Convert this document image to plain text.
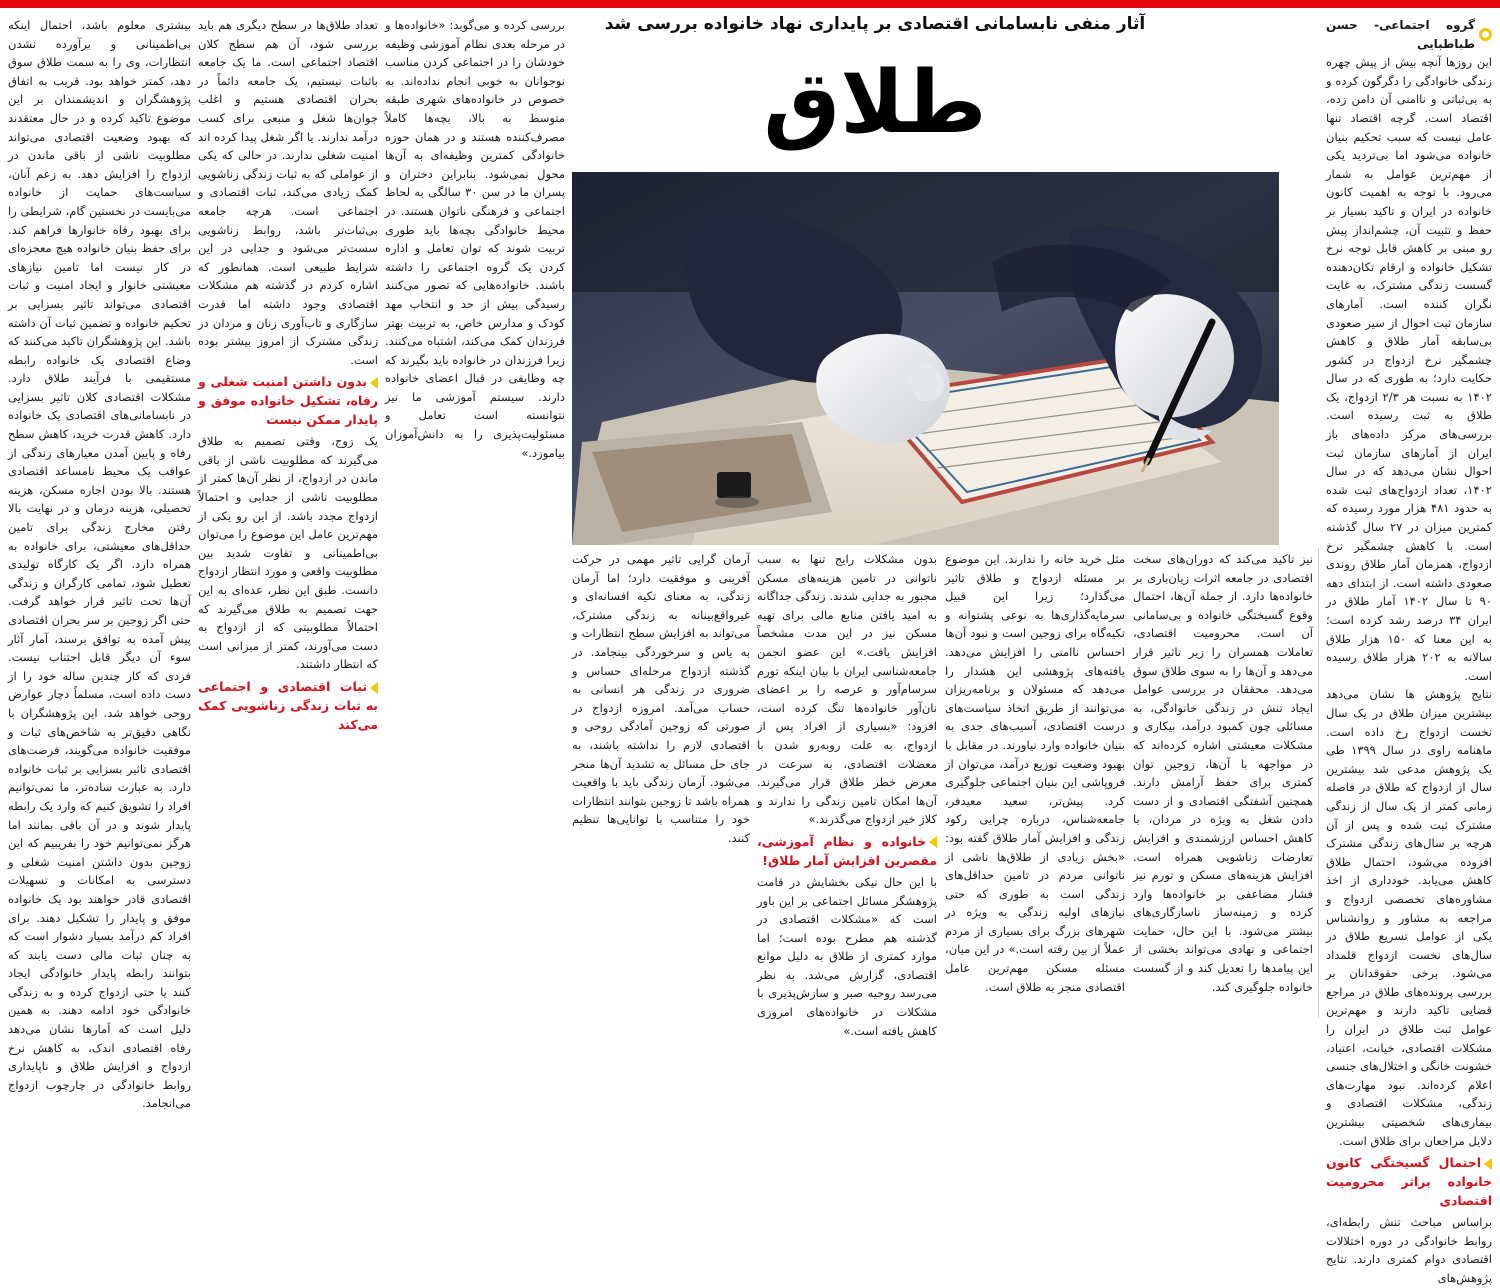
آثار منفی نابسامانی اقتصادی بر پایداری نهاد خانواده بررسی شد
طلاق
گروه اجتماعی- حسن طباطبایی

این روزها آنچه بیش از پیش چهره زندگی خانوادگی را دگرگون کرده و به بی‌ثباتی و ناامنی آن دامن زده، اقتصاد است. گرچه اقتصاد تنها عامل نیست که سبب تحکیم بنیان خانواده می‌شود اما بی‌تردید یکی از مهم‌ترین عوامل به شمار می‌رود. با توجه به اهمیت کانون خانواده در ایران و تاکید بسیار بر حفظ و تثبیت آن، چشم‌انداز پیش رو مبنی بر کاهش قابل توجه نرخ تشکیل خانواده و ارقام تکان‌دهنده گسست زندگی مشترک، به غایت نگران کننده است. آمارهای سازمان ثبت احوال از سیر صعودی بی‌سابقه آمار طلاق و کاهش چشمگیر نرخ ازدواج در کشور حکایت دارد؛ به طوری که در سال ۱۴۰۲ به نسبت هر ۲/۳ ازدواج، یک طلاق به ثبت رسیده است. بررسی‌های مرکز داده‌های باز ایران از آمارهای سازمان ثبت احوال نشان می‌دهد که در سال ۱۴۰۲، تعداد ازدواج‌های ثبت شده به حدود ۴۸۱ هزار مورد رسیده که کمترین میزان در ۲۷ سال گذشته است. با کاهش چشمگیر نرخ ازدواج، همزمان آمار طلاق روندی صعودی داشته است. از ابتدای دهه ۹۰ تا سال ۱۴۰۲ آمار طلاق در ایران ۳۴ درصد رشد کرده است؛ به این معنا که ۱۵۰ هزار طلاق سالانه به ۲۰۲ هزار طلاق رسیده است.

نتایج پژوهش ها نشان می‌دهد بیشترین میزان طلاق در یک سال نخست ازدواج رخ داده است. ماهنامه راوی در سال ۱۳۹۹ طی یک پژوهش مدعی شد بیشترین سال از ازدواج که طلاق در فاصله زمانی کمتر از یک سال از زندگی مشترک ثبت شده و پس از آن هرچه بر سال‌های زندگی مشترک افزوده می‌شود، احتمال طلاق کاهش می‌یابد. خودداری از اخذ مشاوره‌های تخصصی ازدواج و مراجعه به مشاور و روانشناس یکی از عوامل تسریع طلاق در سال‌های نخست ازدواج قلمداد می‌شود. برخی حقوقدانان بر بررسی پرونده‌های طلاق در مراجع قضایی تاکید دارند و مهم‌ترین عوامل ثبت طلاق در ایران را مشکلات اقتصادی، خیانت، اعتیاد، خشونت خانگی و اختلال‌های جنسی اعلام کرده‌اند. نبود مهارت‌های زندگی، مشکلات اقتصادی و بیماری‌های شخصیتی بیشترین دلایل مراجعان برای طلاق است.

احتمال گسیختگی کانون خانواده براثر محرومیت اقتصادی

براساس مباحث تنش رابطه‌ای، روابط خانوادگی در دوره اختلالات اقتصادی دوام کمتری دارند. نتایج پژوهش‌های

نیز تاکید می‌کند که دوران‌های سخت اقتصادی در جامعه اثرات زیان‌باری بر خانواده‌ها دارد. از جمله آن‌ها، احتمال وقوع گسیختگی خانواده و بی‌سامانی آن است. محرومیت اقتصادی، تعاملات همسران را زیر تاثیر قرار می‌دهد و آن‌ها را به سوی طلاق سوق می‌دهد. محققان در بررسی عوامل ایجاد تنش در زندگی خانوادگی، به مسائلی چون کمبود درآمد، بیکاری و مشکلات معیشتی اشاره کرده‌اند که در مواجهه با آن‌ها، زوجین توان کمتری برای حفظ آرامش دارند. همچنین آشفتگی اقتصادی و از دست دادن شغل به ویژه در مردان، با کاهش احساس ارزشمندی و افزایش تعارضات زناشویی همراه است. افزایش هزینه‌های مسکن و تورم نیز فشار مضاعفی بر خانواده‌ها وارد کرده و زمینه‌ساز ناسازگاری‌های بیشتر می‌شود. با این حال، حمایت اجتماعی و نهادی می‌تواند بخشی از این پیامدها را تعدیل کند و از گسست خانواده جلوگیری کند.

مثل خرید خانه را ندارند. این موضوع بر مسئله ازدواج و طلاق تاثیر می‌گذارد؛ زیرا این قبیل سرمایه‌گذاری‌ها به نوعی پشتوانه و تکیه‌گاه برای زوجین است و نبود آن‌ها احساس ناامنی را افزایش می‌دهد. یافته‌های پژوهشی این هشدار را می‌دهد که مسئولان و برنامه‌ریزان می‌توانند از طریق اتخاذ سیاست‌های درست اقتصادی، آسیب‌های جدی به بنیان خانواده وارد نیاورند. در مقابل با بهبود وضعیت توزیع درآمد، می‌توان از فروپاشی این بنیان اجتماعی جلوگیری کرد. پیش‌تر، سعید معیدفر، جامعه‌شناس، درباره چرایی رکود زندگی و افزایش آمار طلاق گفته بود: «بخش زیادی از طلاق‌ها ناشی از ناتوانی مردم در تامین حداقل‌های زندگی است به طوری که حتی نیازهای اولیه زندگی به ویژه در شهرهای بزرگ برای بسیاری از مردم عملاً از بین رفته است.» در این میان، مسئله مسکن مهم‌ترین عامل اقتصادی منجر به طلاق است.

بدون مشکلات رایج تنها به سبب ناتوانی در تامین هزینه‌های مسکن مجبور به جدایی شدند. زندگی جداگانه به امید یافتن منابع مالی برای تهیه مسکن نیز در این مدت مشخصاً افزایش یافت.» این عضو انجمن جامعه‌شناسی ایران با بیان اینکه تورم سرسام‌آور و عرصه را بر اعضای نان‌آور خانواده‌ها تنگ کرده است، افزود: «بسیاری از افراد پس از ازدواج، به علت روبه‌رو شدن با معضلات اقتصادی، به سرعت در معرض خطر طلاق قرار می‌گیرند. آن‌ها امکان تامین زندگی را ندارند و کلاژ خیر ازدواج می‌گذرند.»

خانواده و نظام آموزشی، مقصرین افزایش آمار طلاق!

با این حال نیکی بخشایش در قامت پژوهشگر مسائل اجتماعی بر این باور است که «مشکلات اقتصادی در گذشته هم مطرح بوده است؛ اما موارد کمتری از طلاق به دلیل موانع اقتصادی، گزارش می‌شد. به نظر می‌رسد روحیه صبر و سازش‌پذیری با مشکلات در خانواده‌های امروزی کاهش یافته است.»

آرمان گرایی تاثیر مهمی در حرکت آفرینی و موفقیت دارد؛ اما آرمان زندگی، به معنای تکیه افسانه‌ای و غیرواقع‌بینانه به زندگی مشترک، می‌تواند به افزایش سطح انتظارات و به یاس و سرخوردگی بینجامد. در گذشته ازدواج مرحله‌ای حساس و ضروری در زندگی هر انسانی به حساب می‌آمد. امروزه ازدواج در صورتی که زوجین آمادگی روحی و اقتصادی لازم را نداشته باشند، به جای حل مسائل به تشدید آن‌ها منجر می‌شود. آرمان زندگی باید با واقعیت همراه باشد تا زوجین بتوانند انتظارات خود را متناسب با توانایی‌ها تنظیم کنند.

بررسی کرده و می‌گوید: «خانواده‌ها و در مرحله بعدی نظام آموزشی وظیفه خودشان را در اجتماعی کردن مناسب نوجوانان به خوبی انجام نداده‌اند. به خصوص در خانواده‌های شهری طبقه متوسط به بالا، بچه‌ها کاملاً مصرف‌کننده هستند و در همان حوزه خانوادگی کمترین وظیفه‌ای به آن‌ها محول نمی‌شود. بنابراین دختران و پسران ما در سن ۳۰ سالگی به لحاظ اجتماعی و فرهنگی ناتوان هستند. در محیط خانوادگی بچه‌ها باید طوری تربیت شوند که توان تعامل و اداره کردن یک گروه اجتماعی را داشته باشند. خانواده‌هایی که تصور می‌کنند رسیدگی بیش از حد و انتخاب مهد کودک و مدارس خاص، به تربیت بهتر فرزندان کمک می‌کند، اشتباه می‌کنند. زیرا فرزندان در خانواده باید بگیرند که چه وظایفی در قبال اعضای خانواده دارند. سیستم آموزشی ما نیز نتوانسته است تعامل و مسئولیت‌پذیری را به دانش‌آموزان بیاموزد.»

تعداد طلاق‌ها در سطح دیگری هم باید بررسی شود، آن هم سطح کلان اقتصاد اجتماعی است. ما یک جامعه باثبات نیستیم، یک جامعه دائماً در بحران اقتصادی هستیم و اغلب جوان‌ها شغل و منبعی برای کسب درآمد ندارند. یا اگر شغل پیدا کرده اند امنیت شغلی ندارند. در حالی که یکی از عواملی که به ثبات زندگی زناشویی کمک زیادی می‌کند، ثبات اقتصادی و اجتماعی است. هرچه جامعه بی‌ثبات‌تر باشد، روابط زناشویی سست‌تر می‌شود و جدایی در این شرایط طبیعی است. همانطور که اشاره کردم در گذشته هم مشکلات اقتصادی وجود داشته اما قدرت سازگاری و تاب‌آوری زنان و مردان در زندگی مشترک از امروز بیشتر بوده است.

بدون داشتن امنیت شغلی و رفاه، تشکیل خانواده موفق و پایدار ممکن نیست

یک زوج، وقتی تصمیم به طلاق می‌گیرند که مطلوبیت ناشی از باقی ماندن در ازدواج، از نظر آن‌ها کمتر از مطلوبیت ناشی از جدایی و احتمالاً ازدواج مجدد باشد. از این رو یکی از مهم‌ترین عامل این موضوع را می‌توان بی‌اطمینانی و تفاوت شدید بین مطلوبیت واقعی و مورد انتظار ازدواج دانست. طبق این نظر، عده‌ای به این جهت تصمیم به طلاق می‌گیرند که احتمالاً مطلوبیتی که از ازدواج به دست می‌آورند، کمتر از میزانی است که انتظار داشتند.

ثبات اقتصادی و اجتماعی به ثبات زندگی زناشویی کمک می‌کند

بیشتری معلوم باشد، احتمال اینکه بی‌اطمینانی و برآورده نشدن انتظارات، وی را به سمت طلاق سوق دهد، کمتر خواهد بود. قریب به اتفاق پژوهشگران و اندیشمندان بر این موضوع تاکید کرده و در حال معتقدند که بهبود وضعیت اقتصادی می‌تواند مطلوبیت ناشی از باقی ماندن در ازدواج را افزایش دهد. به زعم آنان، سیاست‌های حمایت از خانواده می‌بایست در نخستین گام، شرایطی را برای بهبود رفاه خانوارها فراهم کند. برای حفظ بنیان خانواده هیچ معجزه‌ای در کار نیست اما تامین نیازهای معیشتی خانوار و ایجاد امنیت و ثبات اقتصادی می‌تواند تاثیر بسزایی بر تحکیم خانواده و تضمین ثبات آن داشته باشد. این پژوهشگران تاکید می‌کنند که وضاع اقتصادی یک خانواده رابطه مستقیمی با فرآیند طلاق دارد. مشکلات اقتصادی کلان تاثیر بسزایی در نابسامانی‌های اقتصادی یک خانواده دارد. کاهش قدرت خرید، کاهش سطح رفاه و پایین آمدن معیارهای زندگی از عواقب یک محیط نامساعد اقتصادی هستند. بالا بودن اجاره مسکن، هزینه تحصیلی، هزینه درمان و در نهایت بالا رفتن مخارج زندگی برای تامین حداقل‌های معیشتی، برای خانواده به همراه دارد. اگر یک کارگاه تولیدی تعطیل شود، تمامی کارگران و زندگی آن‌ها تحت تاثیر قرار خواهد گرفت. حتی اگر زوجین بر سر بحران اقتصادی پیش آمده به توافق برسند، آمار آثار سوء آن دیگر قابل اجتناب نیست. فردی که کار چندین ساله خود را از دست داده است، مسلماً دچار عوارض روحی خواهد شد. این پژوهشگران با نگاهی دقیق‌تر به شاخص‌های ثبات و موفقیت خانواده می‌گویند، فرصت‌های اقتصادی تاثیر بسزایی بر ثبات خانواده دارد. به عبارت ساده‌تر، ما نمی‌توانیم افراد را تشویق کنیم که وارد یک رابطه پایدار شوند و در آن باقی بمانند اما هرگز نمی‌توانیم خود را بفریبیم که این زوجین بدون داشتن امنیت شغلی و دسترسی به امکانات و تسهیلات اقتصادی قادر خواهند بود یک خانواده موفق و پایدار را تشکیل دهند. برای افراد کم درآمد بسیار دشوار است که به چنان ثبات مالی دست یابند که بتوانند رابطه پایدار خانوادگی ایجاد کنند یا حتی ازدواج کرده و به زندگی خانوادگی خود ادامه دهند. به همین دلیل است که آمارها نشان می‌دهد رفاه اقتصادی اندک، به کاهش نرخ ازدواج و افزایش طلاق و ناپایداری روابط خانوادگی در چارچوب ازدواج می‌انجامد.
